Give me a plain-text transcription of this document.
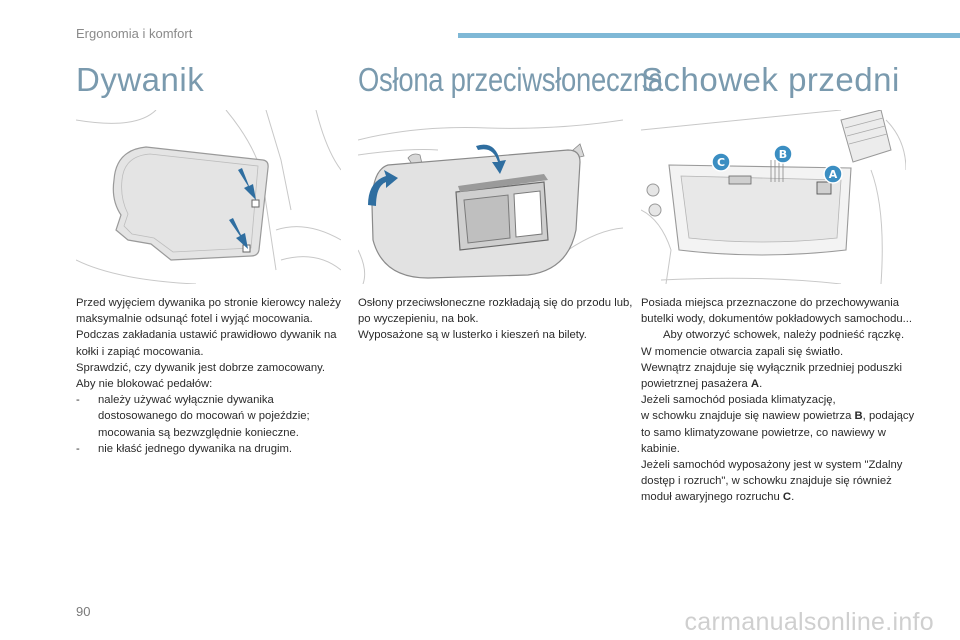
Ergonomia i komfort
Dywanik

Przed wyjęciem dywanika po stronie kierowcy należy maksymalnie odsunąć fotel i wyjąć mocowania.

Podczas zakładania ustawić prawidłowo dywanik na kołki i zapiąć mocowania.

Sprawdzić, czy dywanik jest dobrze zamocowany.

Aby nie blokować pedałów:

- należy używać wyłącznie dywanika dostosowanego do mocowań w pojeździe; mocowania są bezwzględnie konieczne.
- nie kłaść jednego dywanika na drugim.
Osłona przeciwsłoneczna

Osłony przeciwsłoneczne rozkładają się do przodu lub, po wyczepieniu, na bok.

Wyposażone są w lusterko i kieszeń na bilety.

Schowek przedni
C
B
A

Posiada miejsca przeznaczone do przechowywania butelki wody, dokumentów pokładowych samochodu...

Aby otworzyć schowek, należy podnieść rączkę.

W momencie otwarcia zapali się światło.

Wewnątrz znajduje się wyłącznik przedniej poduszki powietrznej pasażera A.

Jeżeli samochód posiada klimatyzację,

w schowku znajduje się nawiew powietrza B, podający to samo klimatyzowane powietrze, co nawiewy w kabinie.

Jeżeli samochód wyposażony jest w system "Zdalny dostęp i rozruch", w schowku znajduje się również moduł awaryjnego rozruchu C.

90	carmanualsonline.info
